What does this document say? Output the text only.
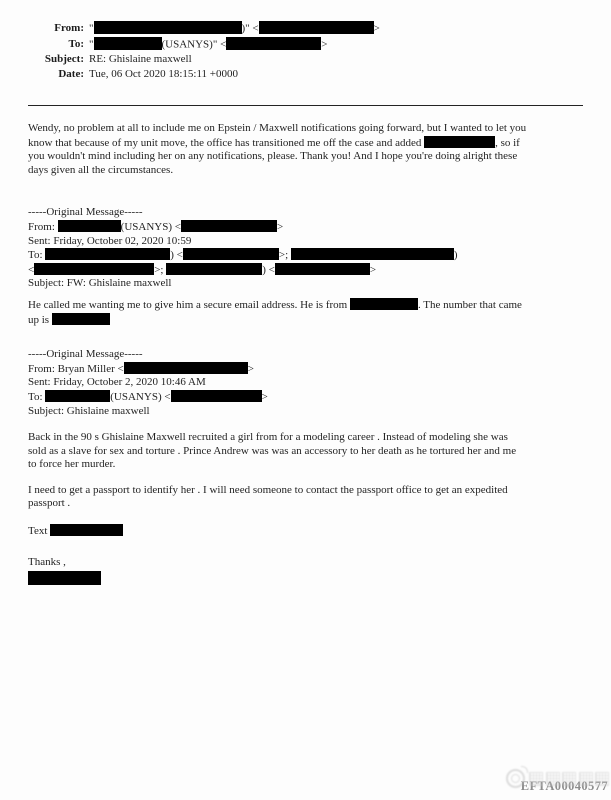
From: "	)" <	>
To: "	(USANYS)" <	>
Subject: RE: Ghislaine maxwell
Date: Tue, 06 Oct 2020 18:15:11 +0000
Wendy, no problem at all to include me on Epstein / Maxwell notifications going forward, but I wanted to let you
know that because of my unit move, the office has transitioned me off the case and added	, so if
you wouldn't mind including her on any notifications, please. Thank you! And I hope you're doing alright these
days given all the circumstances.
-----Original Message-----
From:	(USANYS) <	>
Sent: Friday, October 02, 2020 10:59
To:	) <	>;	)
<	>;	) <	>
Subject: FW: Ghislaine maxwell
He called me wanting me to give him a secure email address. He is from	. The number that came
up is
-----Original Message-----
From: Bryan Miller <	>
Sent: Friday, October 2, 2020 10:46 AM
To:	(USANYS) <	>
Subject: Ghislaine maxwell
Back in the 90 s Ghislaine Maxwell recruited a girl from for a modeling career . Instead of modeling she was
sold as a slave for sex and torture . Prince Andrew was was an accessory to her death as he tortured her and me
to force her murder.
I need to get a passport to identify her . I will need someone to contact the passport office to get an expedited
passport .
Text
Thanks ,
EFTA00040577
